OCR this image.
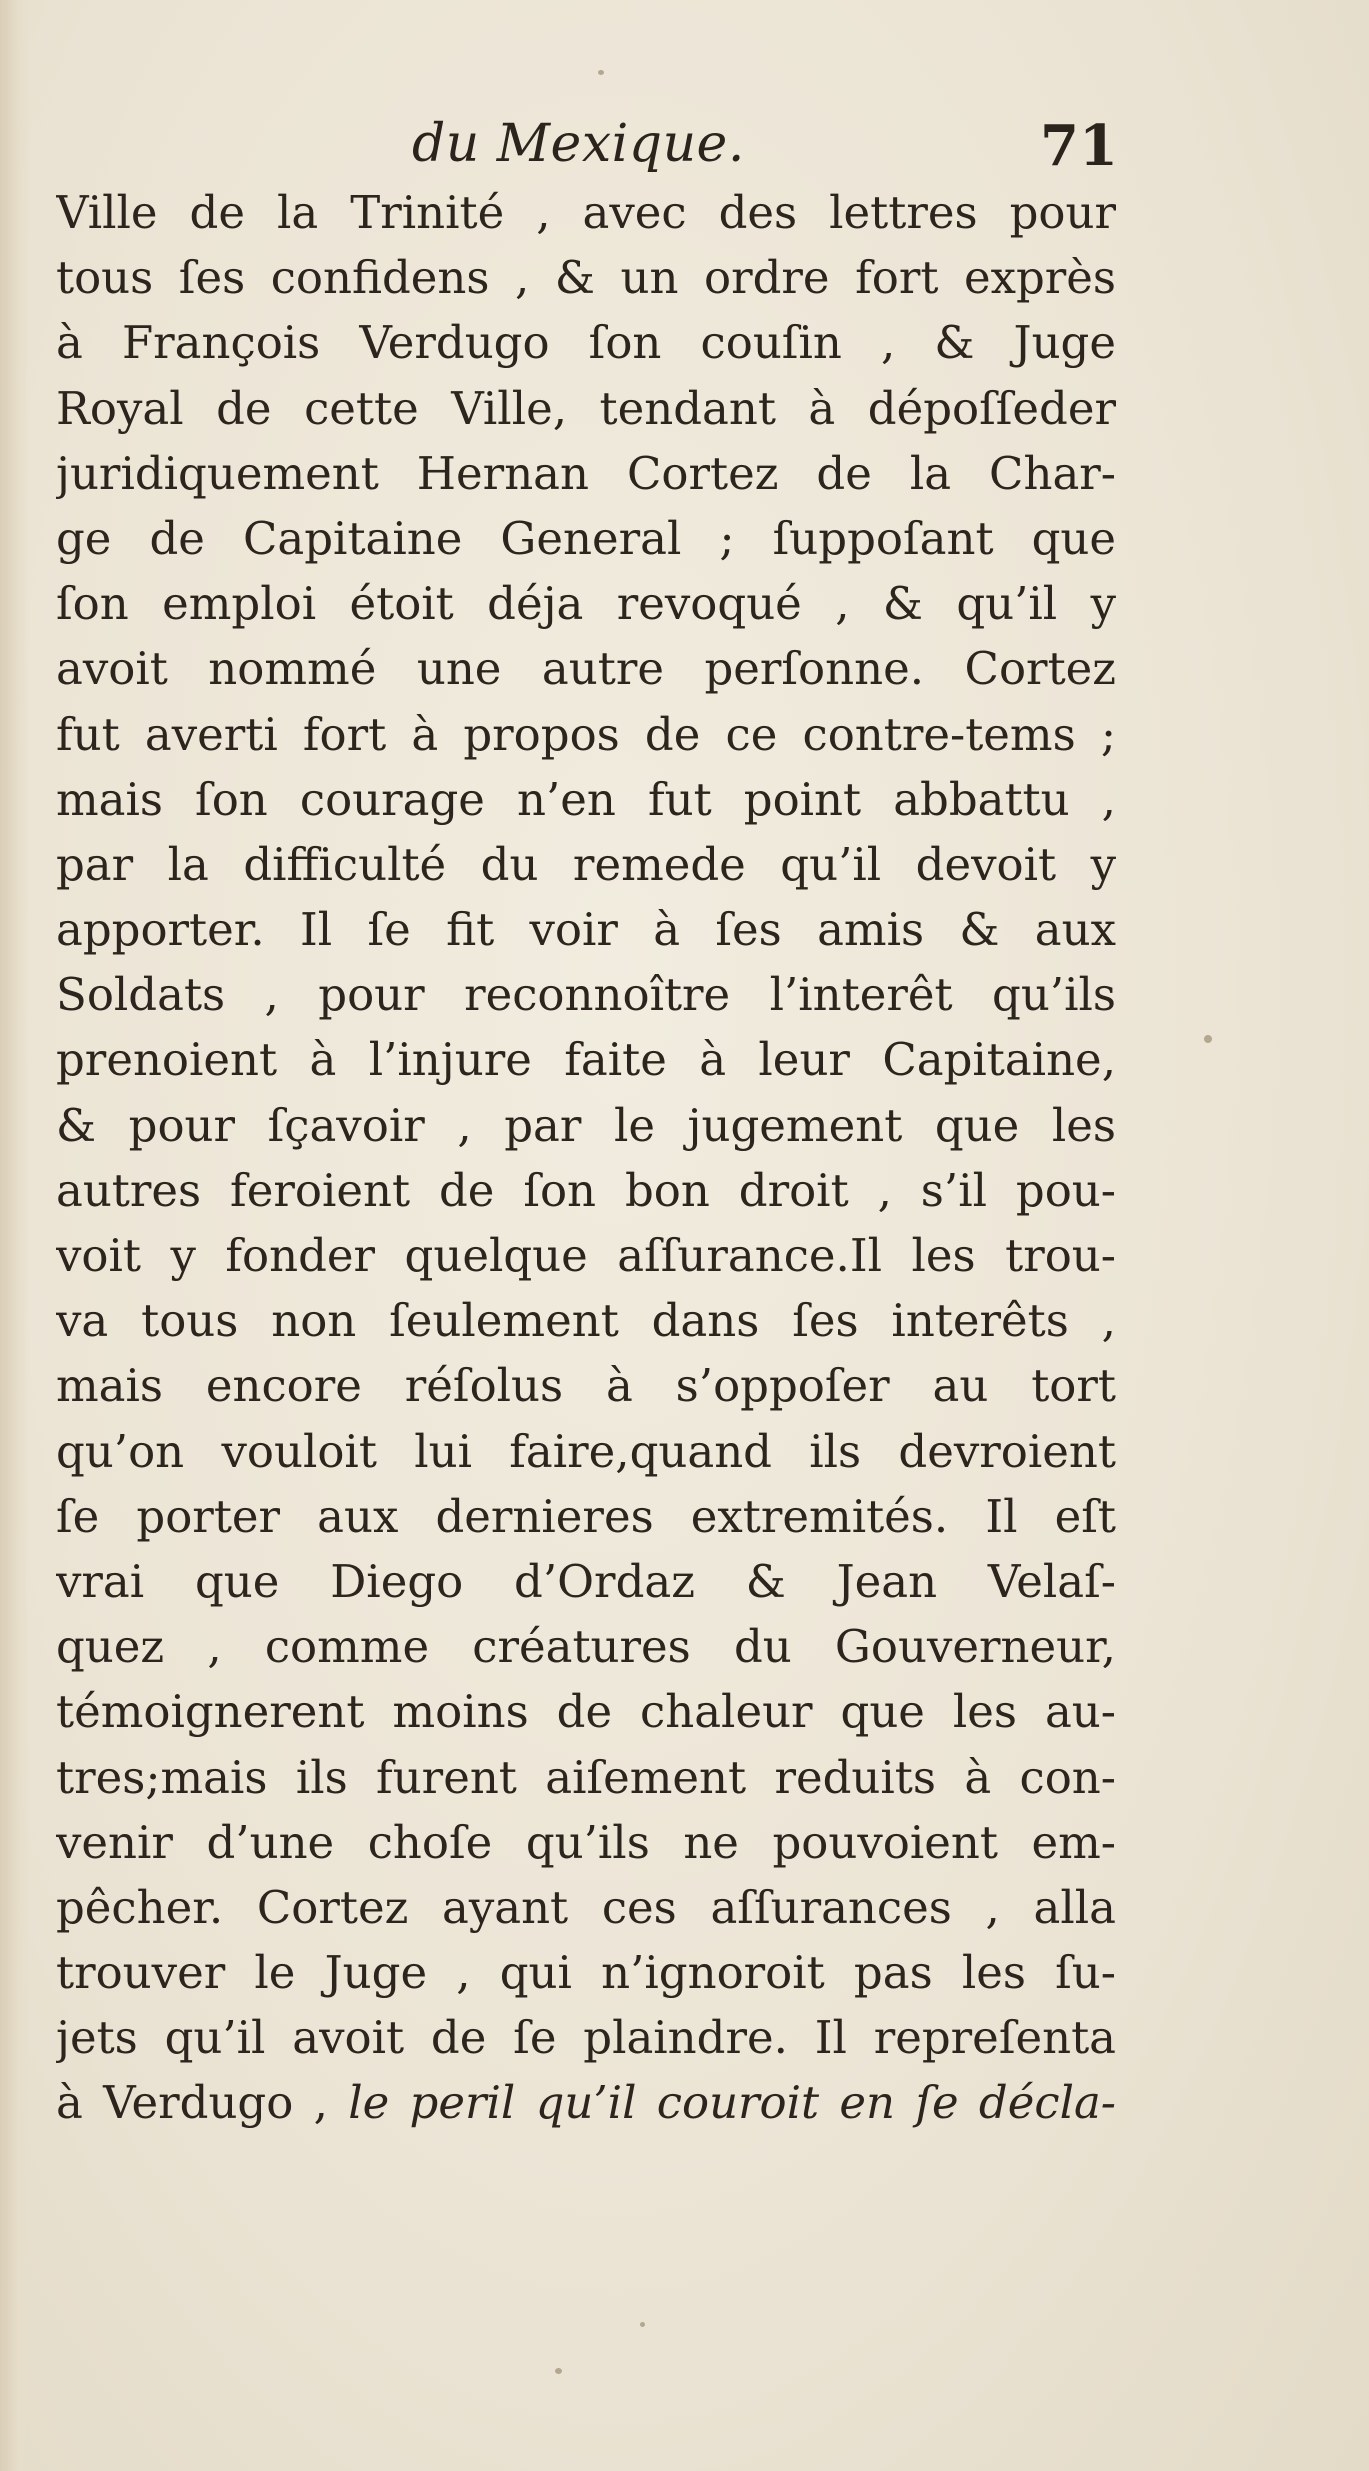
du Mexique.	71
Ville de la Trinité , avec des lettres pour
tous ſes confidens , & un ordre fort exprès
à François Verdugo ſon couſin , & Juge
Royal de cette Ville, tendant à dépoſſeder
juridiquement Hernan Cortez de la Char-
ge de Capitaine General ; ſuppoſant que
ſon emploi étoit déja revoqué , & qu’il y
avoit nommé une autre perſonne. Cortez
fut averti fort à propos de ce contre-tems ;
mais ſon courage n’en fut point abbattu ,
par la difficulté du remede qu’il devoit y
apporter. Il ſe fit voir à ſes amis & aux
Soldats , pour reconnoître l’interêt qu’ils
prenoient à l’injure faite à leur Capitaine,
& pour ſçavoir , par le jugement que les
autres feroient de ſon bon droit , s’il pou-
voit y fonder quelque aſſurance.Il les trou-
va tous non ſeulement dans ſes interêts ,
mais encore réſolus à s’oppoſer au tort
qu’on vouloit lui faire,quand ils devroient
ſe porter aux dernieres extremités. Il eſt
vrai que Diego d’Ordaz & Jean Velaſ-
quez , comme créatures du Gouverneur,
témoignerent moins de chaleur que les au-
tres;mais ils furent aiſement reduits à con-
venir d’une choſe qu’ils ne pouvoient em-
pêcher. Cortez ayant ces aſſurances , alla
trouver le Juge , qui n’ignoroit pas les ſu-
jets qu’il avoit de ſe plaindre. Il repreſenta
à Verdugo , le peril qu’il couroit en ſe décla-
